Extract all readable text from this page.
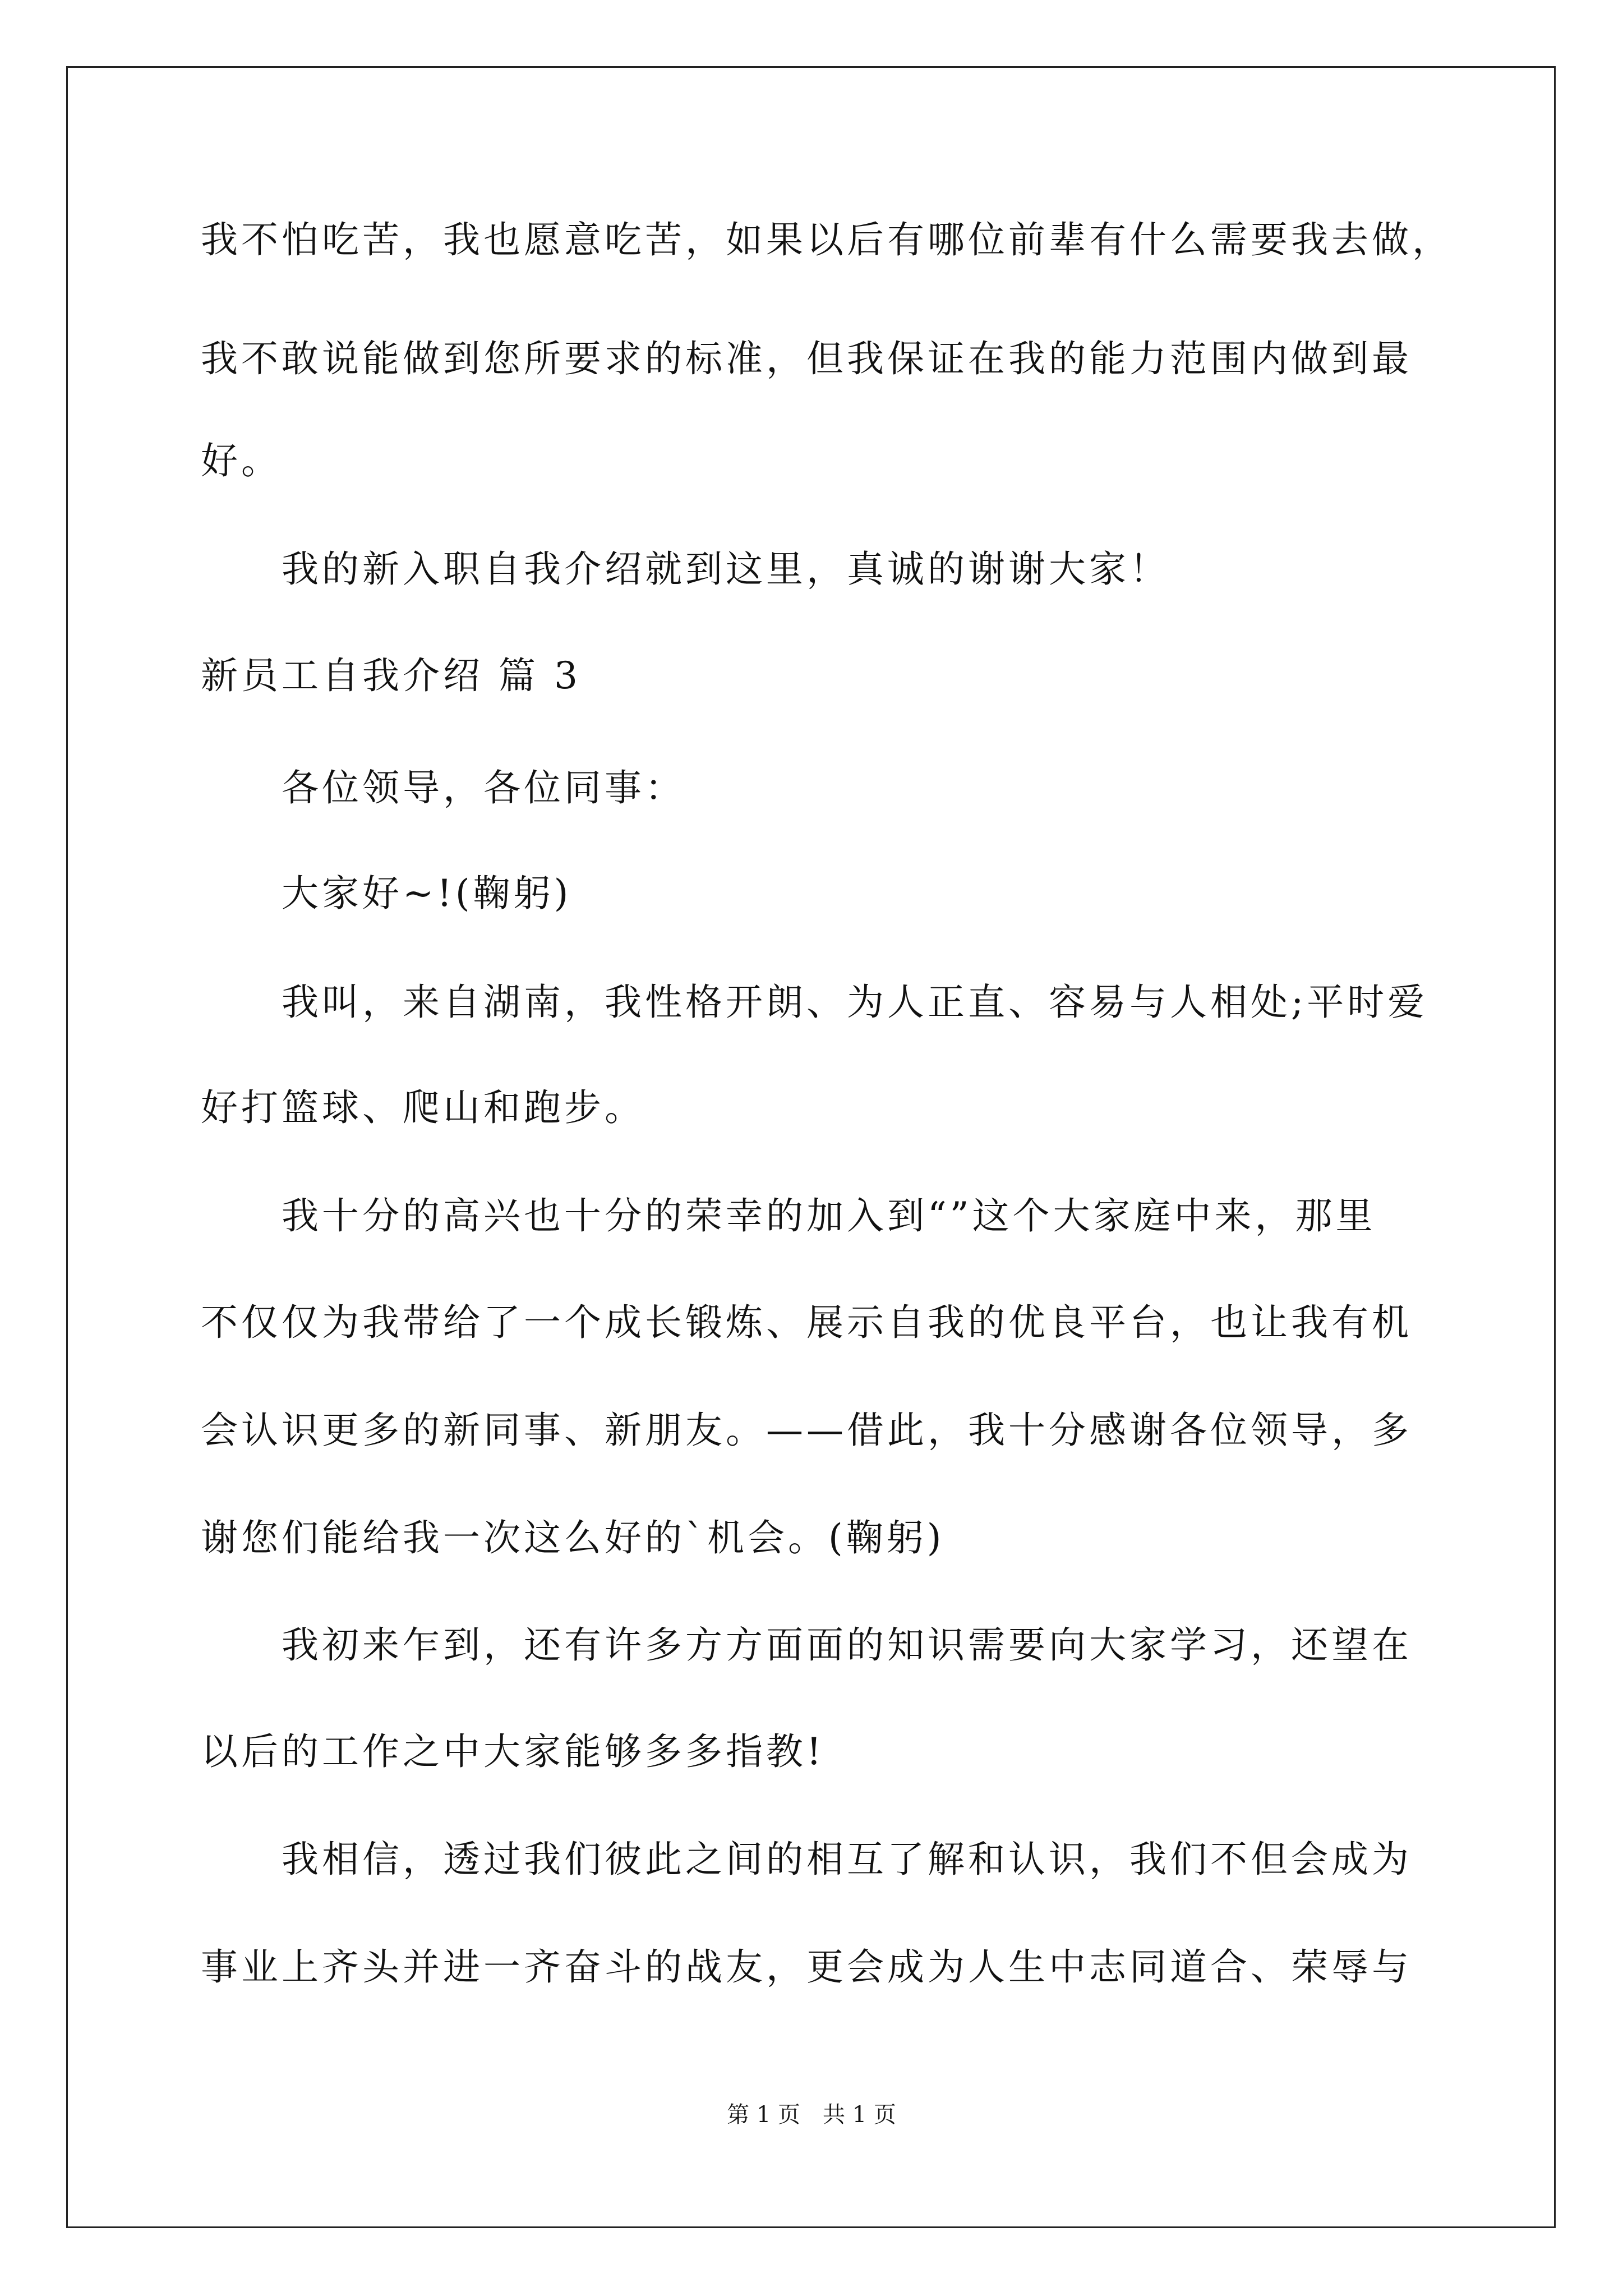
我不怕吃苦，我也愿意吃苦，如果以后有哪位前辈有什么需要我去做，
我不敢说能做到您所要求的标准，但我保证在我的能力范围内做到最
好。
我的新入职自我介绍就到这里，真诚的谢谢大家！
新员工自我介绍 篇 3
各位领导，各位同事：
大家好~!(鞠躬)
我叫，来自湖南，我性格开朗、为人正直、容易与人相处;平时爱
好打篮球、爬山和跑步。
我十分的高兴也十分的荣幸的加入到“”这个大家庭中来，那里
不仅仅为我带给了一个成长锻炼、展示自我的优良平台，也让我有机
会认识更多的新同事、新朋友。——借此，我十分感谢各位领导，多
谢您们能给我一次这么好的`机会。(鞠躬)
我初来乍到，还有许多方方面面的知识需要向大家学习，还望在
以后的工作之中大家能够多多指教!
我相信，透过我们彼此之间的相互了解和认识，我们不但会成为
事业上齐头并进一齐奋斗的战友，更会成为人生中志同道合、荣辱与
第 1 页　共 1 页
